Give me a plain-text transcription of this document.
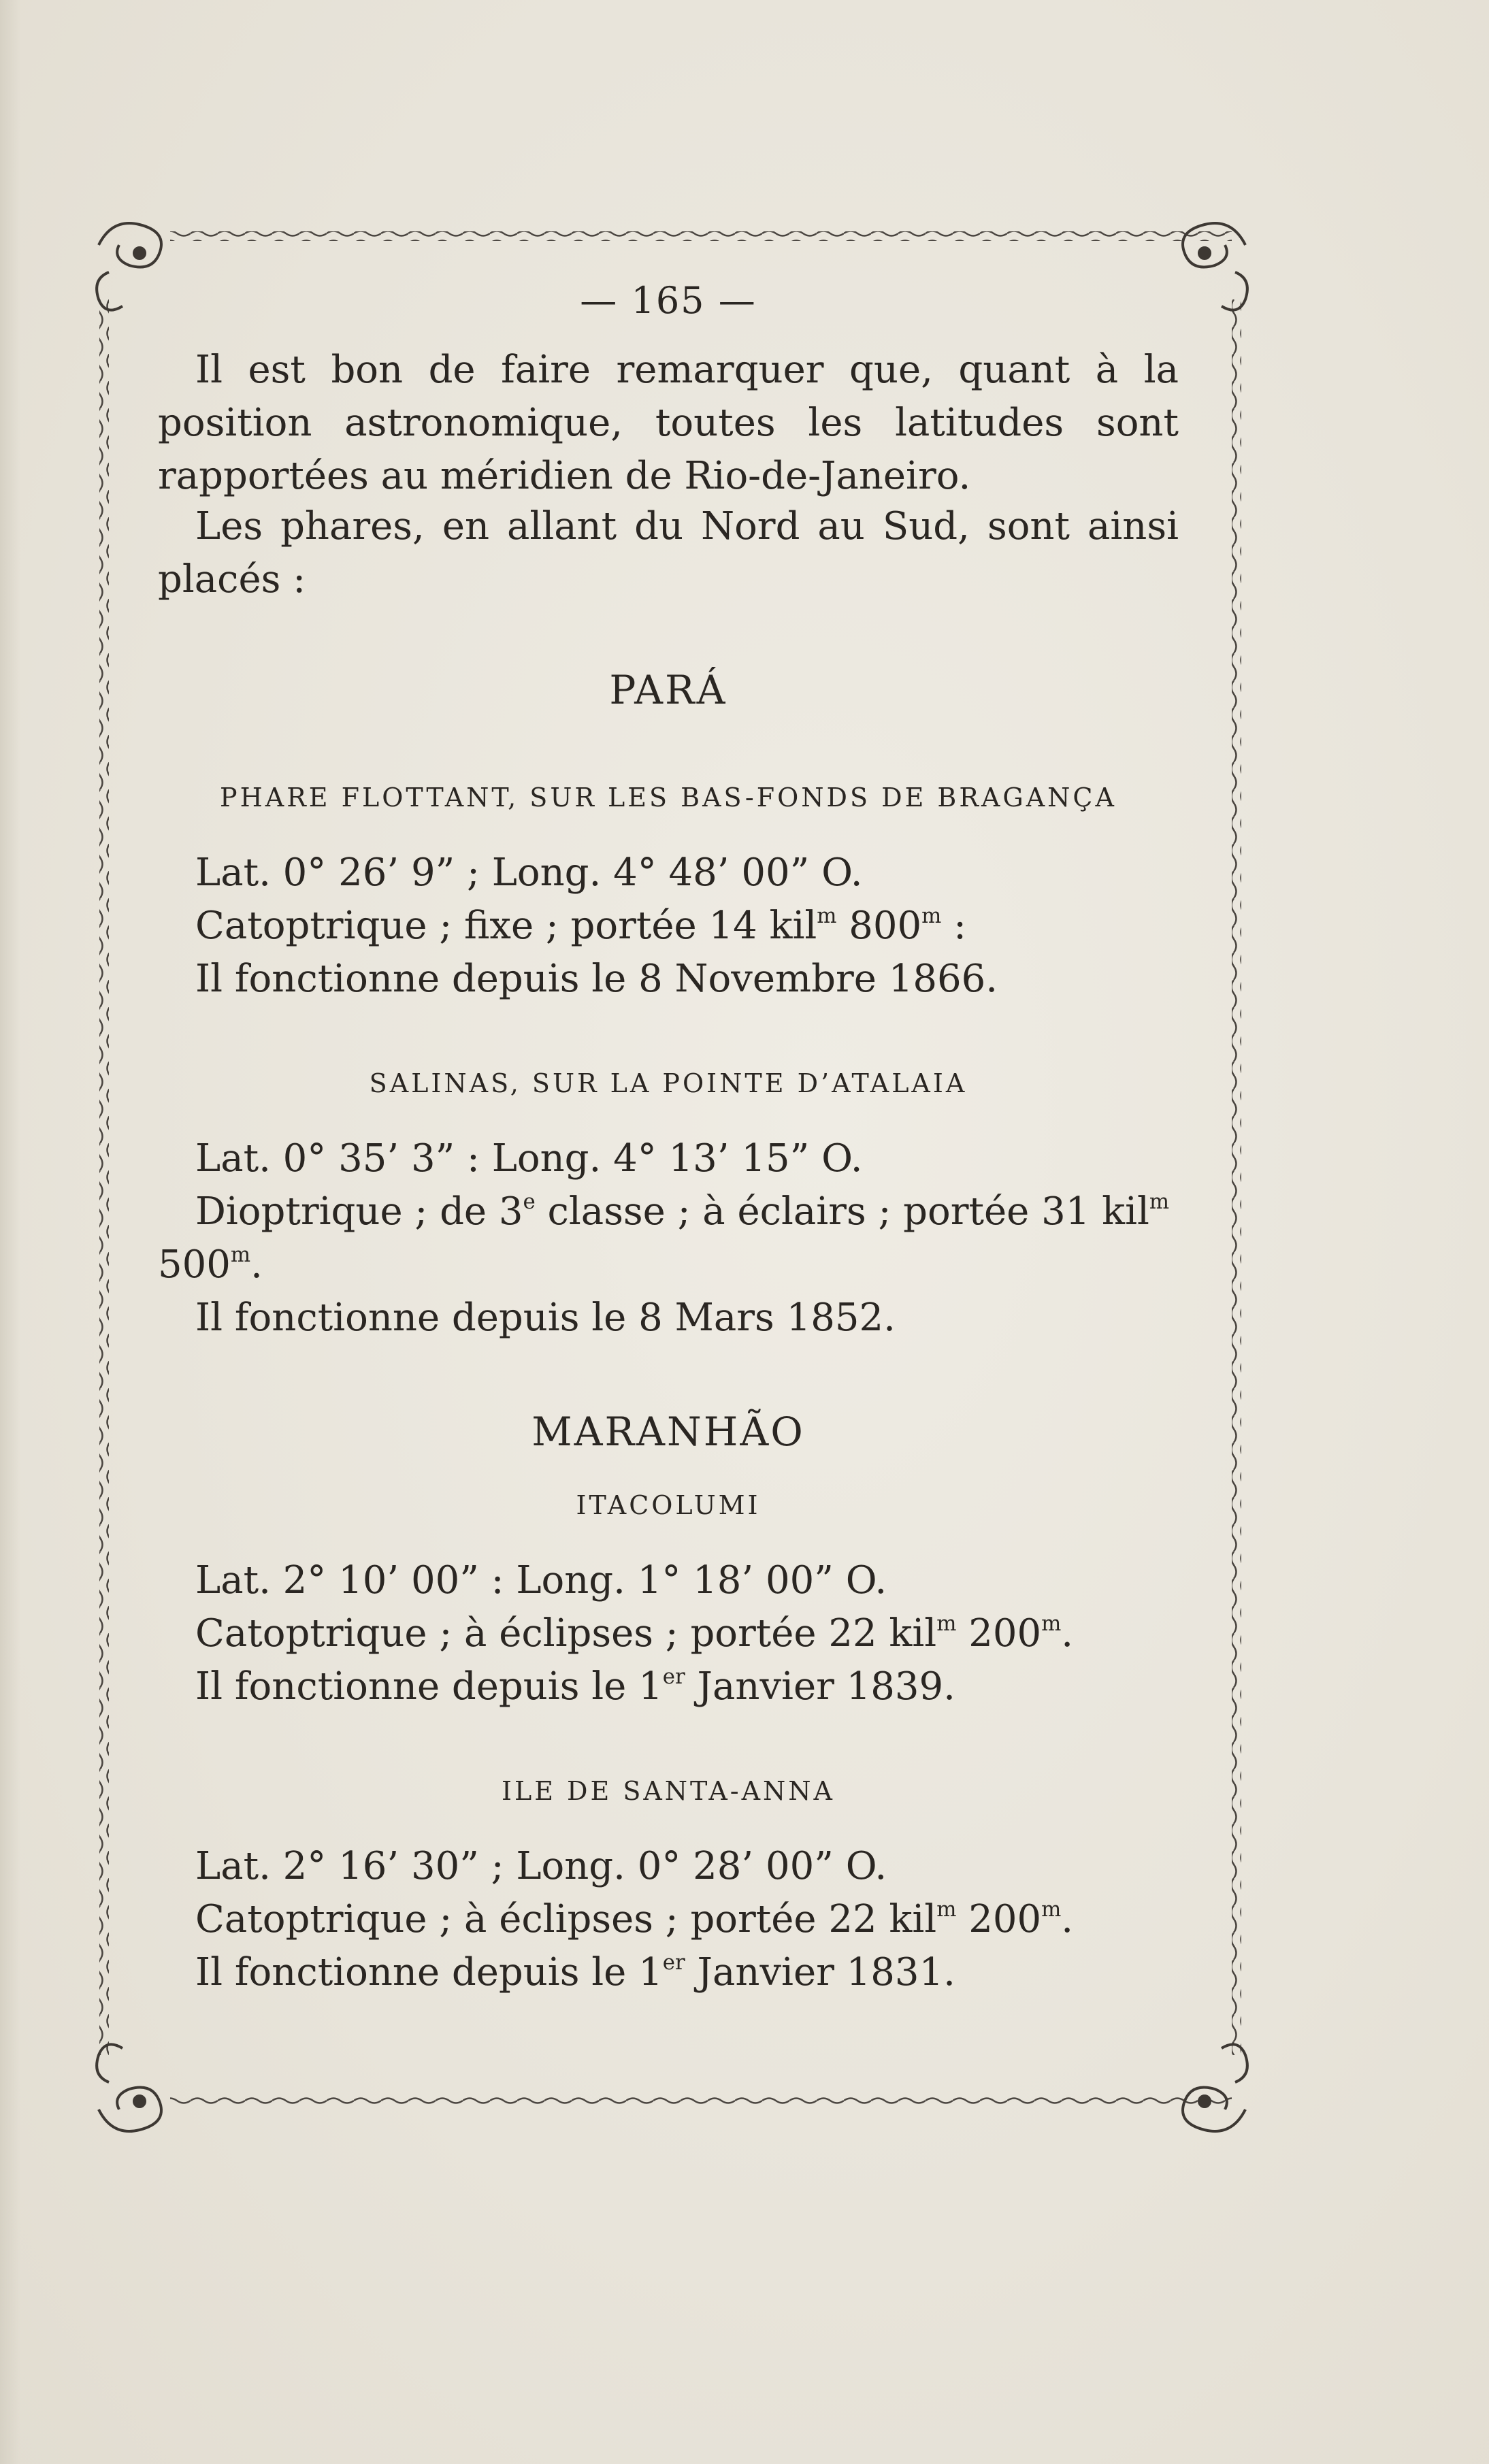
— 165 —
Il est bon de faire remarquer que, quant à la position astronomique, toutes les latitudes sont rapportées au méridien de Rio-de-Janeiro.
Les phares, en allant du Nord au Sud, sont ainsi placés :
PARÁ
PHARE FLOTTANT, SUR LES BAS-FONDS DE BRAGANÇA
Lat. 0° 26’ 9” ; Long. 4° 48’ 00” O.
Catoptrique ; fixe ; portée 14 kil$^m$ 800$^m$ :
Il fonctionne depuis le 8 Novembre 1866.
SALINAS, SUR LA POINTE D’ATALAIA
Lat. 0° 35’ 3” : Long. 4° 13’ 15” O.
Dioptrique ; de 3e classe ; à éclairs ; portée 31 kil$^m$
500$^m$.
Il fonctionne depuis le 8 Mars 1852.
MARANHÃO
ITACOLUMI
Lat. 2° 10’ 00” : Long. 1° 18’ 00” O.
Catoptrique ; à éclipses ; portée 22 kil$^m$ 200$^m$.
Il fonctionne depuis le 1er Janvier 1839.
ILE DE SANTA-ANNA
Lat. 2° 16’ 30” ; Long. 0° 28’ 00” O.
Catoptrique ; à éclipses ; portée 22 kil$^m$ 200$^m$.
Il fonctionne depuis le 1er Janvier 1831.
